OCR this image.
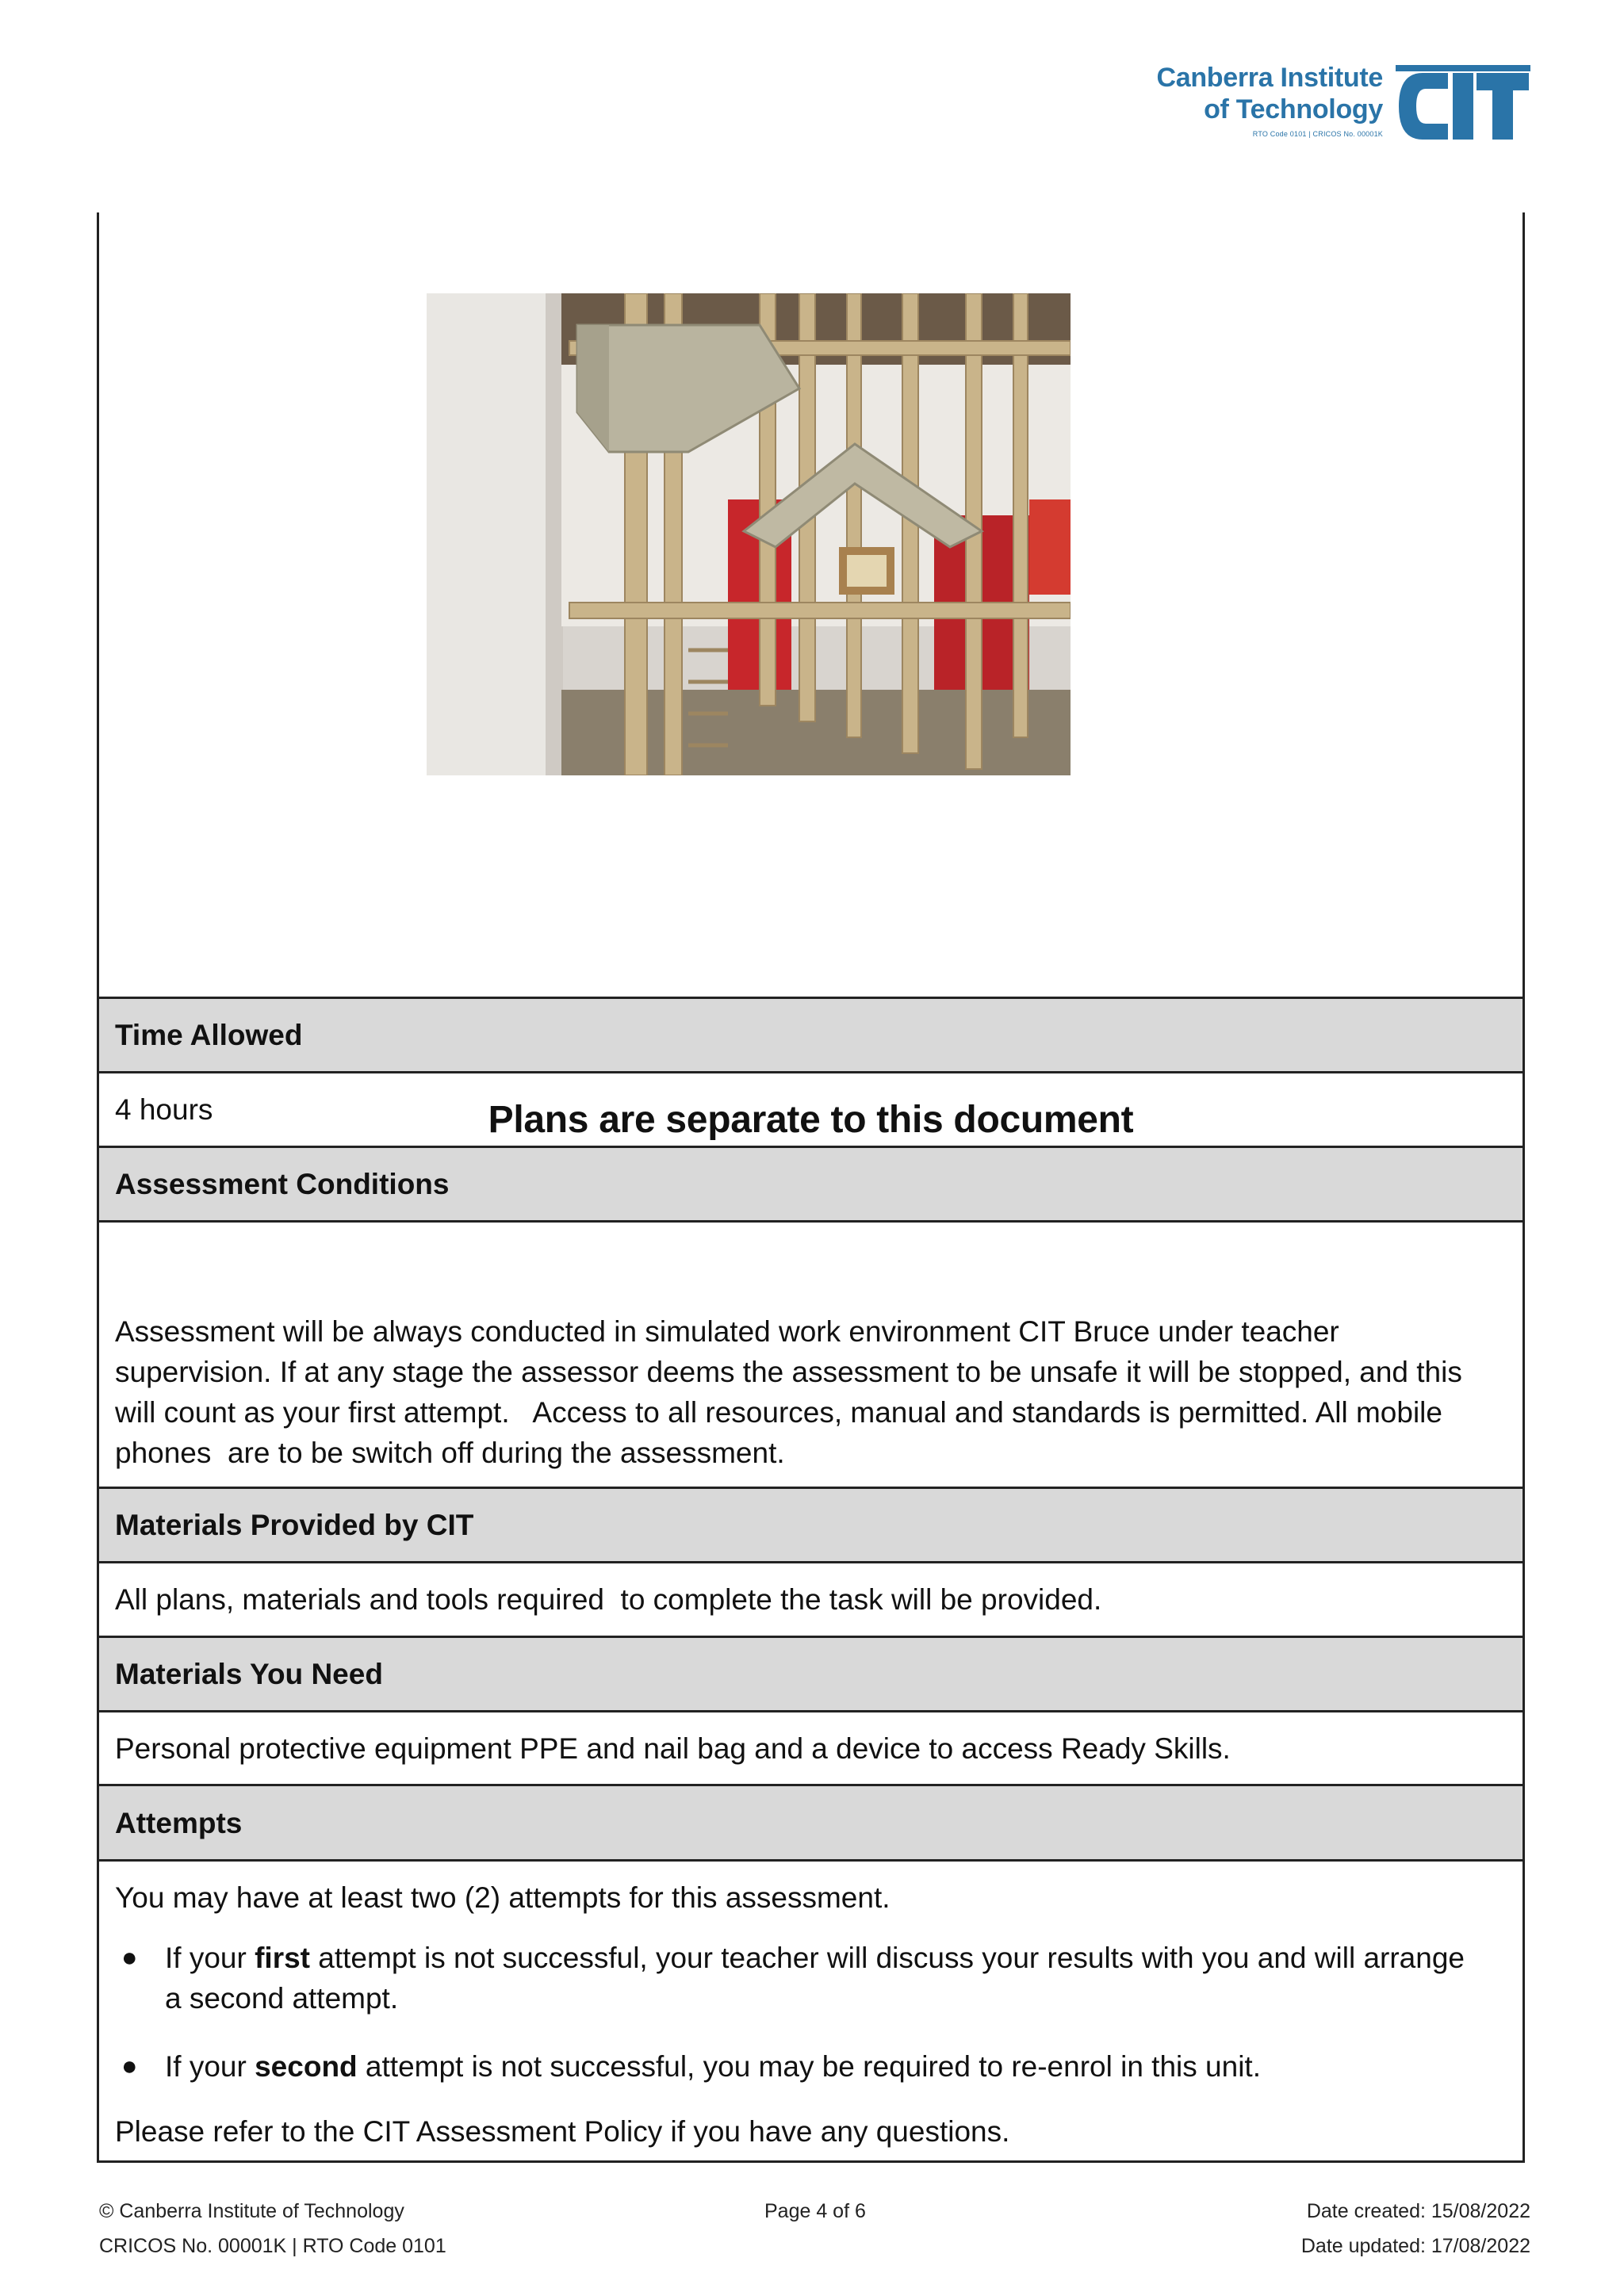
Canberra Institute
of Technology
RTO Code 0101 | CRICOS No. 00001K
Plans are separate to this document
Time Allowed
4 hours
Assessment Conditions
Assessment will be always conducted in simulated work environment CIT Bruce under teacher
supervision. If at any stage the assessor deems the assessment to be unsafe it will be stopped, and this
will count as your first attempt.   Access to all resources, manual and standards is permitted. All mobile
phones  are to be switch off during the assessment.
Materials Provided by CIT
All plans, materials and tools required  to complete the task will be provided.
Materials You Need
Personal protective equipment PPE and nail bag and a device to access Ready Skills.
Attempts
You may have at least two (2) attempts for this assessment.
● If your first attempt is not successful, your teacher will discuss your results with you and will arrange
a second attempt.
● If your second attempt is not successful, you may be required to re-enrol in this unit.
Please refer to the CIT Assessment Policy if you have any questions.
© Canberra Institute of Technology
CRICOS No. 00001K | RTO Code 0101
Page 4 of 6	Date created: 15/08/2022
Date updated: 17/08/2022
